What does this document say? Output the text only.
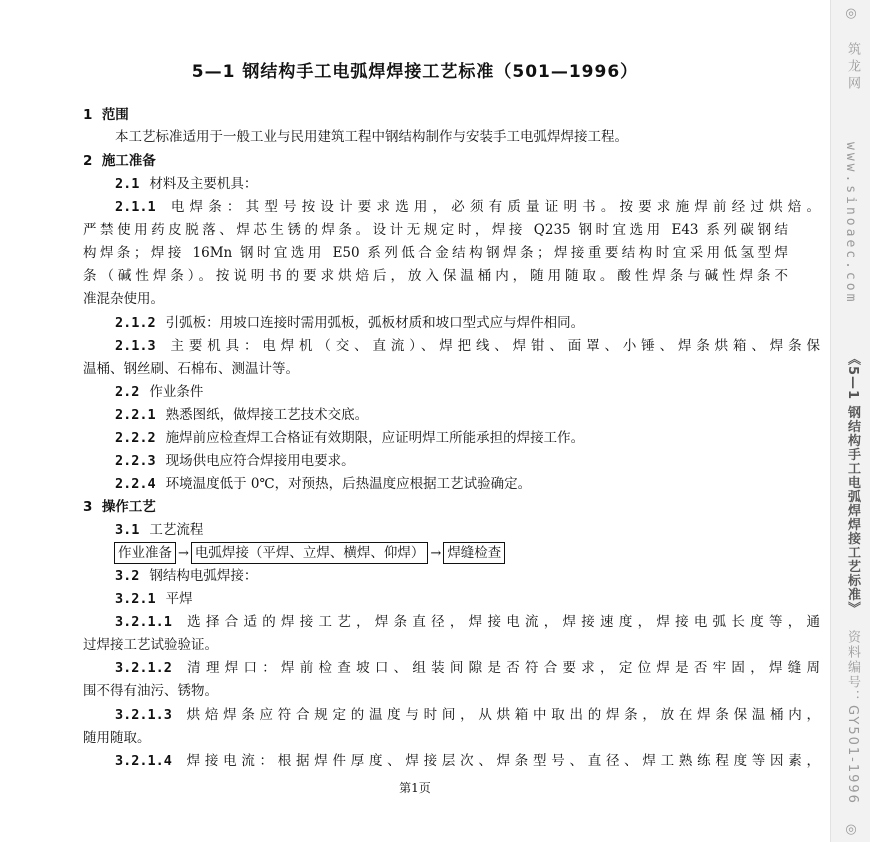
5—1 钢结构手工电弧焊焊接工艺标准（501—1996）
1 范围
本工艺标准适用于一般工业与民用建筑工程中钢结构制作与安装手工电弧焊焊接工程。
2 施工准备
2.1 材料及主要机具：
2.1.1 电焊条：其型号按设计要求选用，必须有质量证明书。按要求施焊前经过烘焙。
严禁使用药皮脱落、焊芯生锈的焊条。设计无规定时，焊接 Q235 钢时宜选用 E43 系列碳钢结
构焊条；焊接 16Mn 钢时宜选用 E50 系列低合金结构钢焊条；焊接重要结构时宜采用低氢型焊
条（碱性焊条）。按说明书的要求烘焙后，放入保温桶内，随用随取。酸性焊条与碱性焊条不
准混杂使用。
2.1.2 引弧板：用坡口连接时需用弧板，弧板材质和坡口型式应与焊件相同。
2.1.3 主要机具：电焊机（交、直流）、焊把线、焊钳、面罩、小锤、焊条烘箱、焊条保
温桶、钢丝刷、石棉布、测温计等。
2.2 作业条件
2.2.1 熟悉图纸，做焊接工艺技术交底。
2.2.2 施焊前应检查焊工合格证有效期限，应证明焊工所能承担的焊接工作。
2.2.3 现场供电应符合焊接用电要求。
2.2.4 环境温度低于 0℃，对预热，后热温度应根据工艺试验确定。
3 操作工艺
3.1 工艺流程
作业准备 → 电弧焊接（平焊、立焊、横焊、仰焊） → 焊缝检查
3.2 钢结构电弧焊接：
3.2.1 平焊
3.2.1.1 选择合适的焊接工艺，焊条直径，焊接电流，焊接速度，焊接电弧长度等，通
过焊接工艺试验验证。
3.2.1.2 清理焊口：焊前检查坡口、组装间隙是否符合要求，定位焊是否牢固，焊缝周
围不得有油污、锈物。
3.2.1.3 烘焙焊条应符合规定的温度与时间，从烘箱中取出的焊条，放在焊条保温桶内，
随用随取。
3.2.1.4 焊接电流：根据焊件厚度、焊接层次、焊条型号、直径、焊工熟练程度等因素，
第1页
◎
筑龙网
www.sinoaec.com
《5—1 钢结构手工电弧焊焊接工艺标准》
资料编号：GY501-1996
◎
